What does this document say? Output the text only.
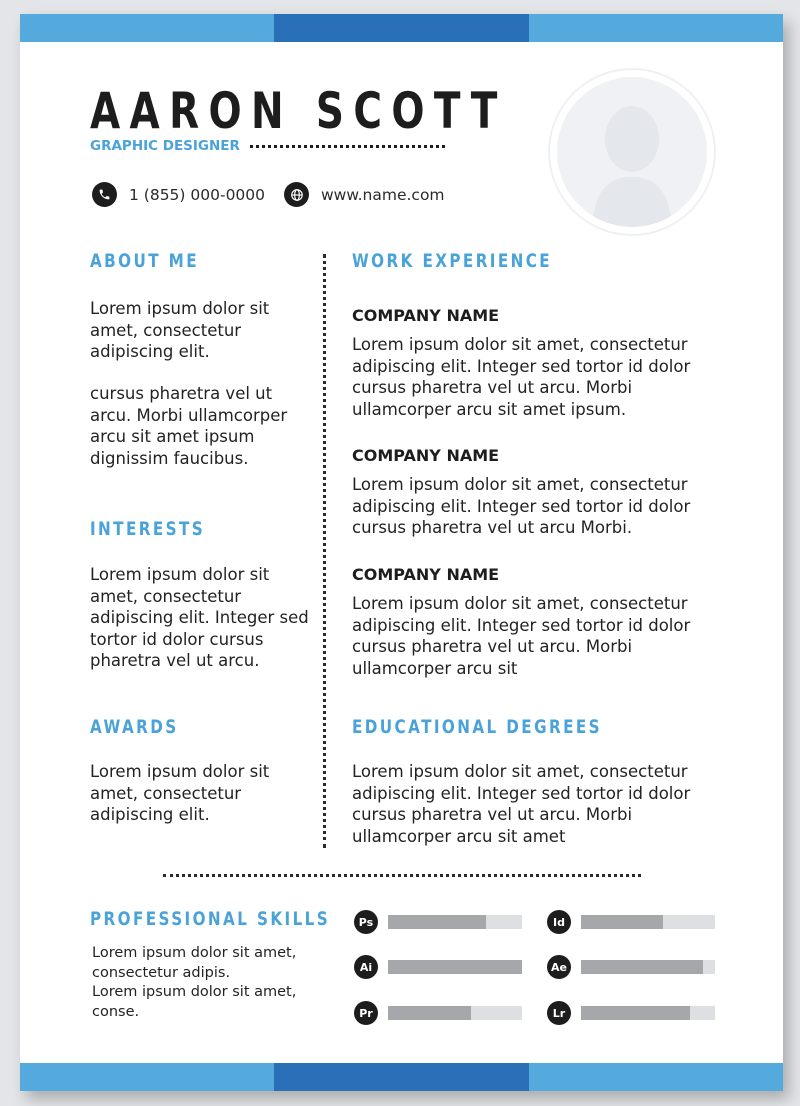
AARON SCOTT
GRAPHIC DESIGNER
1 (855) 000-0000	www.name.com
ABOUT ME
Lorem ipsum dolor sit amet, consectetur adipiscing elit.
cursus pharetra vel ut arcu. Morbi ullamcorper arcu sit amet ipsum dignissim faucibus.
INTERESTS
Lorem ipsum dolor sit amet, consectetur adipiscing elit. Integer sed tortor id dolor cursus pharetra vel ut arcu.
AWARDS
Lorem ipsum dolor sit amet, consectetur adipiscing elit.
WORK EXPERIENCE
COMPANY NAME
Lorem ipsum dolor sit amet, consectetur adipiscing elit. Integer sed tortor id dolor cursus pharetra vel ut arcu. Morbi ullamcorper arcu sit amet ipsum.
COMPANY NAME
Lorem ipsum dolor sit amet, consectetur adipiscing elit. Integer sed tortor id dolor cursus pharetra vel ut arcu Morbi.
COMPANY NAME
Lorem ipsum dolor sit amet, consectetur adipiscing elit. Integer sed tortor id dolor cursus pharetra vel ut arcu. Morbi ullamcorper arcu sit
EDUCATIONAL DEGREES
Lorem ipsum dolor sit amet, consectetur adipiscing elit. Integer sed tortor id dolor cursus pharetra vel ut arcu. Morbi ullamcorper arcu sit amet
PROFESSIONAL SKILLS
Lorem ipsum dolor sit amet, consectetur adipis.
Lorem ipsum dolor sit amet, conse.
Ps	Id
Ai	Ae
Pr	Lr
